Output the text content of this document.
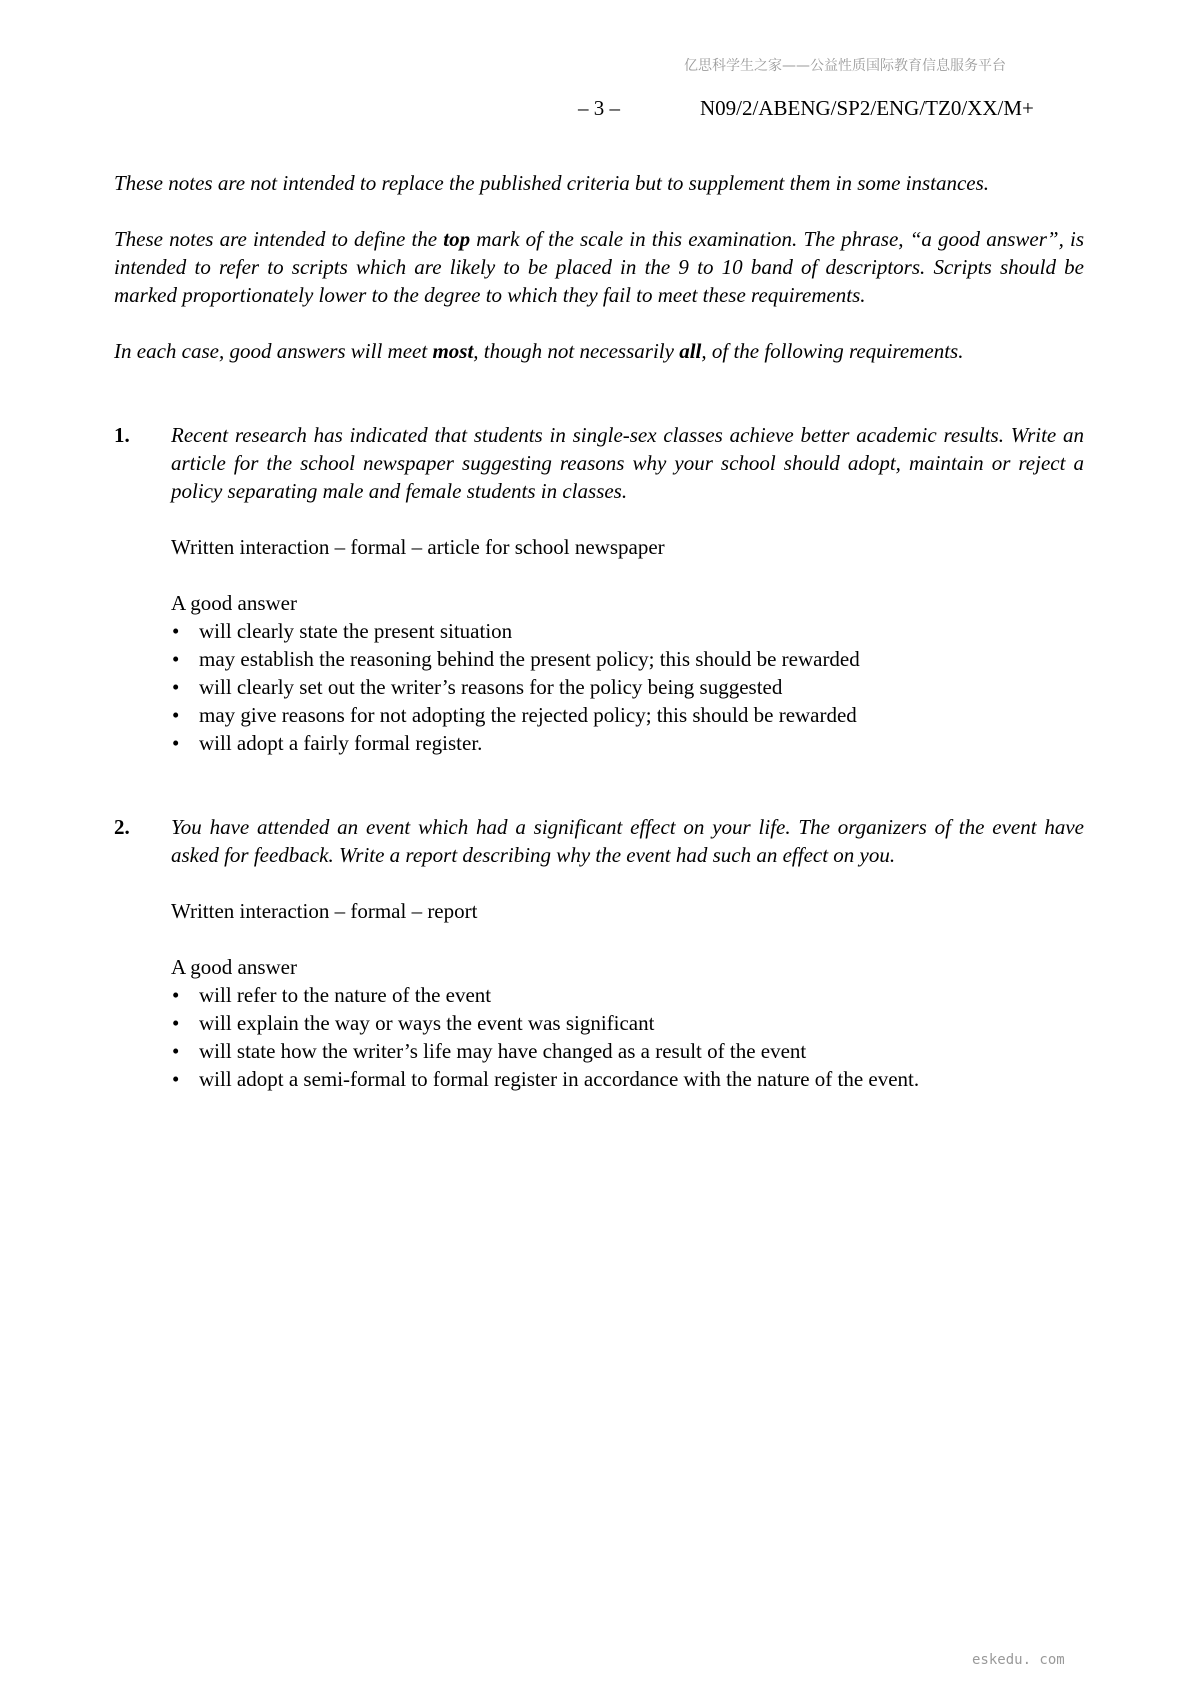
亿思科学生之家——公益性质国际教育信息服务平台
– 3 –	N09/2/ABENG/SP2/ENG/TZ0/XX/M+

These notes are not intended to replace the published criteria but to supplement them in some instances.

These notes are intended to define the top mark of the scale in this examination. The phrase, “a good answer”, is intended to refer to scripts which are likely to be placed in the 9 to 10 band of descriptors. Scripts should be marked proportionately lower to the degree to which they fail to meet these requirements.

In each case, good answers will meet most, though not necessarily all, of the following requirements.

1.	Recent research has indicated that students in single-sex classes achieve better academic results. Write an article for the school newspaper suggesting reasons why your school should adopt, maintain or reject a policy separating male and female students in classes.

Written interaction – formal – article for school newspaper

A good answer

• will clearly state the present situation
• may establish the reasoning behind the present policy; this should be rewarded
• will clearly set out the writer’s reasons for the policy being suggested
• may give reasons for not adopting the rejected policy; this should be rewarded
• will adopt a fairly formal register.
2.	You have attended an event which had a significant effect on your life. The organizers of the event have asked for feedback. Write a report describing why the event had such an effect on you.

Written interaction – formal – report

A good answer

• will refer to the nature of the event
• will explain the way or ways the event was significant
• will state how the writer’s life may have changed as a result of the event
• will adopt a semi-formal to formal register in accordance with the nature of the event.
eskedu. com
